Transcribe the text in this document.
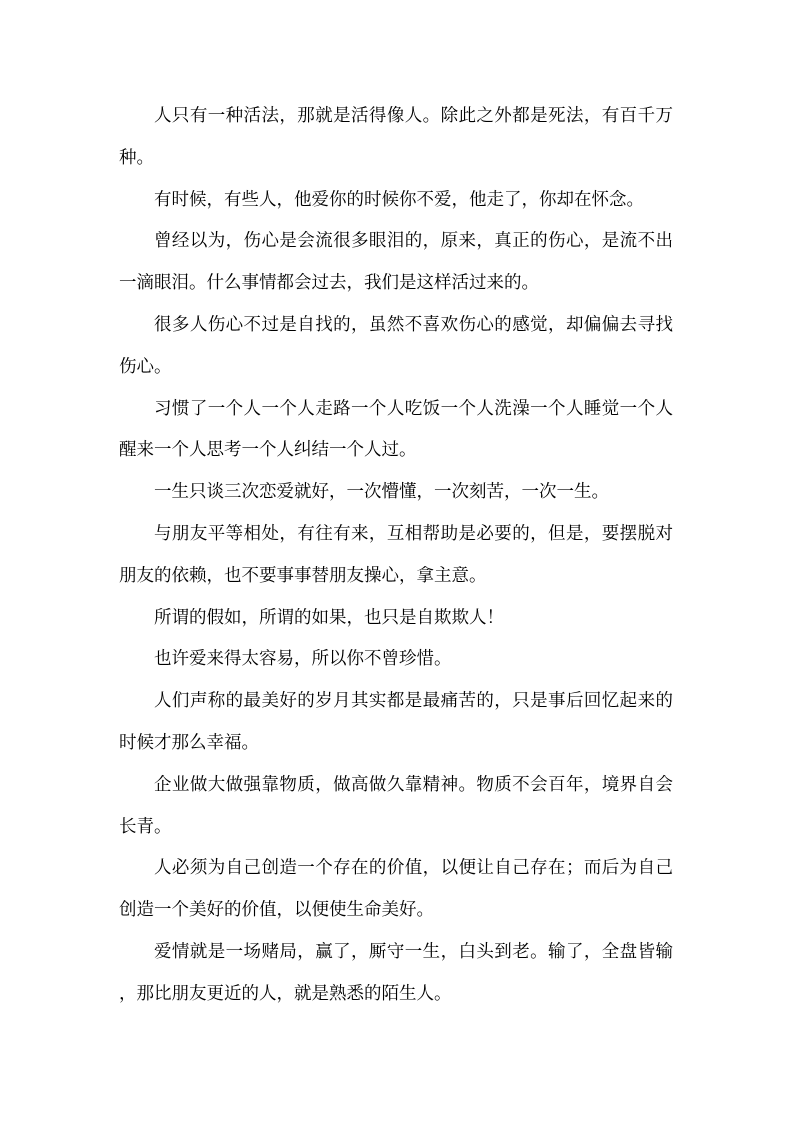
人只有一种活法，那就是活得像人。除此之外都是死法，有百千万种。

有时候，有些人，他爱你的时候你不爱，他走了，你却在怀念。

曾经以为，伤心是会流很多眼泪的，原来，真正的伤心，是流不出一滴眼泪。什么事情都会过去，我们是这样活过来的。

很多人伤心不过是自找的，虽然不喜欢伤心的感觉，却偏偏去寻找伤心。

习惯了一个人一个人走路一个人吃饭一个人洗澡一个人睡觉一个人醒来一个人思考一个人纠结一个人过。

一生只谈三次恋爱就好，一次懵懂，一次刻苦，一次一生。

与朋友平等相处，有往有来，互相帮助是必要的，但是，要摆脱对朋友的依赖，也不要事事替朋友操心，拿主意。

所谓的假如，所谓的如果，也只是自欺欺人！

也许爱来得太容易，所以你不曾珍惜。

人们声称的最美好的岁月其实都是最痛苦的，只是事后回忆起来的时候才那么幸福。

企业做大做强靠物质，做高做久靠精神。物质不会百年，境界自会长青。

人必须为自己创造一个存在的价值，以便让自己存在；而后为自己创造一个美好的价值，以便使生命美好。

爱情就是一场赌局，赢了，厮守一生，白头到老。输了，全盘皆输，那比朋友更近的人，就是熟悉的陌生人。
